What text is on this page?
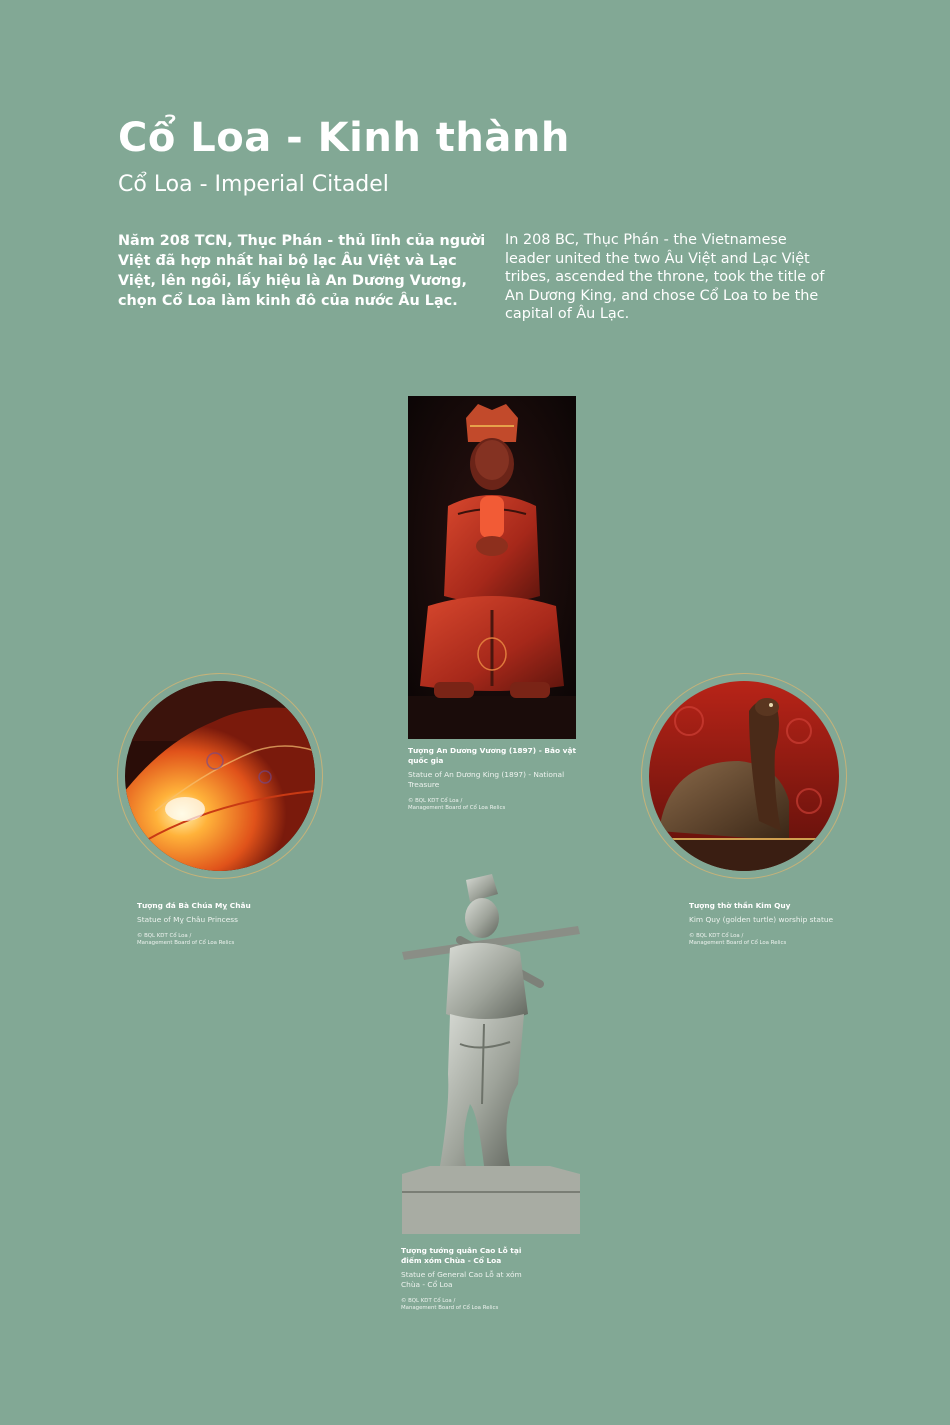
Cổ Loa - Kinh thành
Cổ Loa - Imperial Citadel

Năm 208 TCN, Thục Phán - thủ lĩnh của người Việt đã hợp nhất hai bộ lạc Âu Việt và Lạc Việt, lên ngôi, lấy hiệu là An Dương Vương, chọn Cổ Loa làm kinh đô của nước Âu Lạc.

In 208 BC, Thục Phán - the Vietnamese leader united the two Âu Việt and Lạc Việt tribes, ascended the throne, took the title of An Dương King, and chose Cổ Loa to be the capital of Âu Lạc.

Tượng An Dương Vương (1897) - Bảo vật quốc gia

Statue of An Dương King (1897) - National Treasure

© BQL KDT Cổ Loa /
Management Board of Cổ Loa Relics

Tượng đá Bà Chúa Mỵ Châu

Statue of Mỵ Châu Princess

© BQL KDT Cổ Loa /
Management Board of Cổ Loa Relics

Tượng thờ thần Kim Quy

Kim Quy (golden turtle) worship statue

© BQL KDT Cổ Loa /
Management Board of Cổ Loa Relics

Tượng tướng quân Cao Lỗ tại điếm xóm Chùa - Cổ Loa

Statue of General Cao Lỗ at xóm Chùa - Cổ Loa

© BQL KDT Cổ Loa /
Management Board of Cổ Loa Relics
